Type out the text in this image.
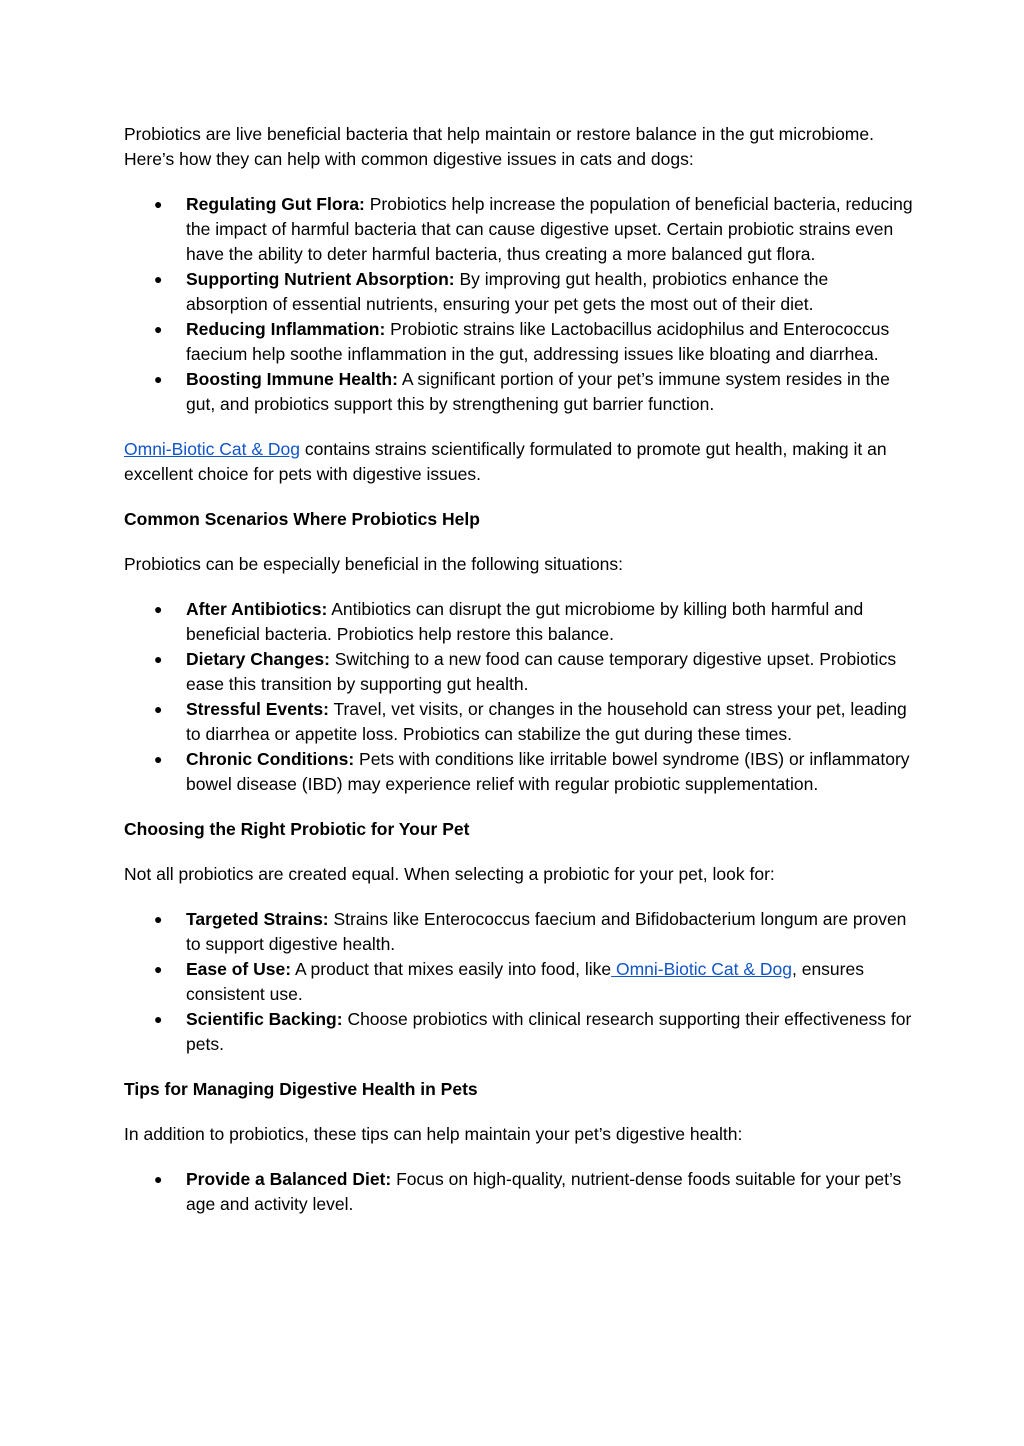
Probiotics are live beneficial bacteria that help maintain or restore balance in the gut microbiome. Here’s how they can help with common digestive issues in cats and dogs:

●	Regulating Gut Flora: Probiotics help increase the population of beneficial bacteria, reducing the impact of harmful bacteria that can cause digestive upset. Certain probiotic strains even have the ability to deter harmful bacteria, thus creating a more balanced gut flora.
●	Supporting Nutrient Absorption: By improving gut health, probiotics enhance the absorption of essential nutrients, ensuring your pet gets the most out of their diet.
●	Reducing Inflammation: Probiotic strains like Lactobacillus acidophilus and Enterococcus faecium help soothe inflammation in the gut, addressing issues like bloating and diarrhea.
●	Boosting Immune Health: A significant portion of your pet’s immune system resides in the gut, and probiotics support this by strengthening gut barrier function.

Omni-Biotic Cat & Dog contains strains scientifically formulated to promote gut health, making it an excellent choice for pets with digestive issues.

Common Scenarios Where Probiotics Help

Probiotics can be especially beneficial in the following situations:

●	After Antibiotics: Antibiotics can disrupt the gut microbiome by killing both harmful and beneficial bacteria. Probiotics help restore this balance.
●	Dietary Changes: Switching to a new food can cause temporary digestive upset. Probiotics ease this transition by supporting gut health.
●	Stressful Events: Travel, vet visits, or changes in the household can stress your pet, leading to diarrhea or appetite loss. Probiotics can stabilize the gut during these times.
●	Chronic Conditions: Pets with conditions like irritable bowel syndrome (IBS) or inflammatory bowel disease (IBD) may experience relief with regular probiotic supplementation.
Choosing the Right Probiotic for Your Pet

Not all probiotics are created equal. When selecting a probiotic for your pet, look for:

●	Targeted Strains: Strains like Enterococcus faecium and Bifidobacterium longum are proven to support digestive health.
●	Ease of Use: A product that mixes easily into food, like Omni-Biotic Cat & Dog, ensures consistent use.
●	Scientific Backing: Choose probiotics with clinical research supporting their effectiveness for pets.
Tips for Managing Digestive Health in Pets

In addition to probiotics, these tips can help maintain your pet’s digestive health:

●	Provide a Balanced Diet: Focus on high-quality, nutrient-dense foods suitable for your pet’s age and activity level.
